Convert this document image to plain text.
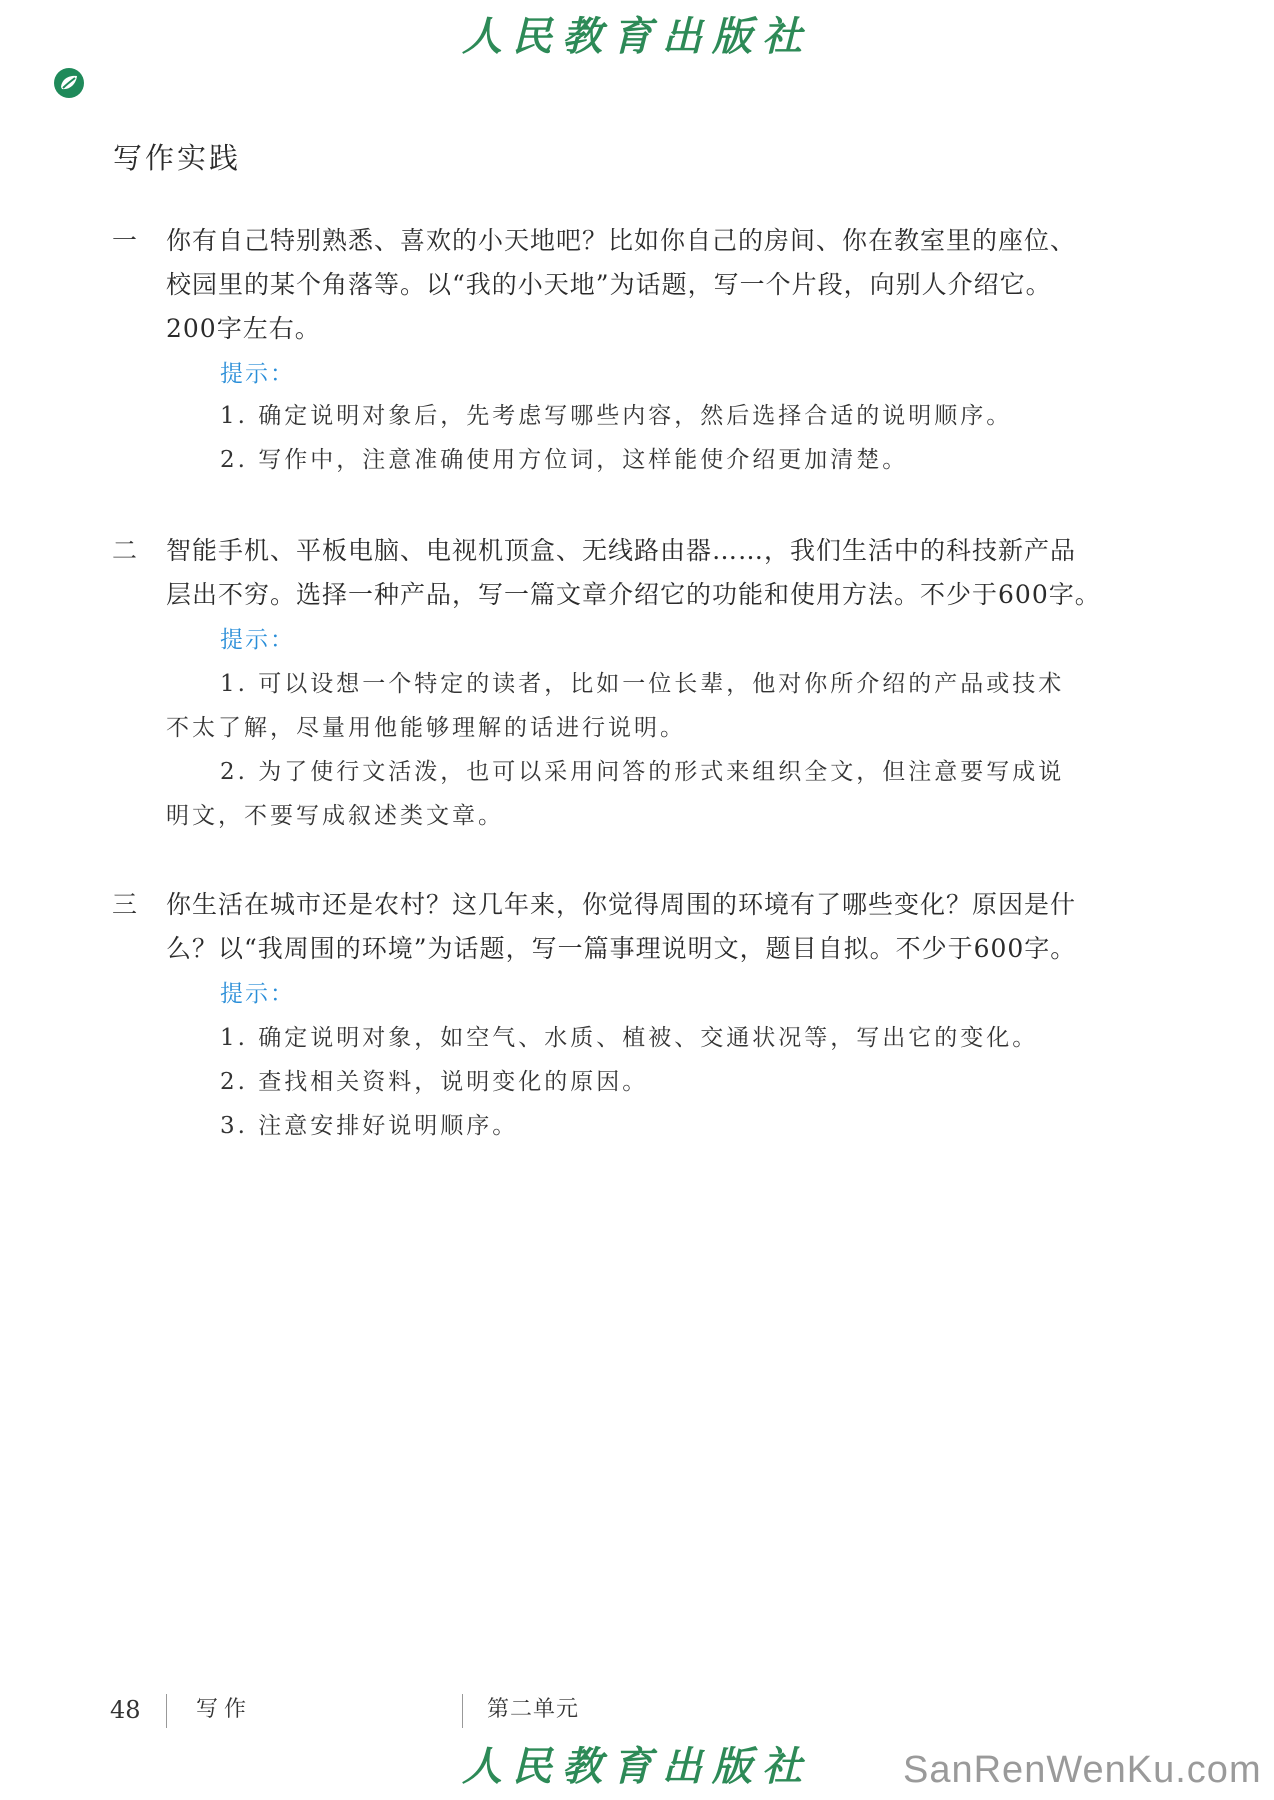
人民教育出版社
写作实践
一 你有自己特别熟悉、喜欢的小天地吧？比如你自己的房间、你在教室里的座位、
校园里的某个角落等。以“我的小天地”为话题，写一个片段，向别人介绍它。
200字左右。
提示：
1. 确定说明对象后，先考虑写哪些内容，然后选择合适的说明顺序。
2. 写作中，注意准确使用方位词，这样能使介绍更加清楚。
二 智能手机、平板电脑、电视机顶盒、无线路由器……，我们生活中的科技新产品
层出不穷。选择一种产品，写一篇文章介绍它的功能和使用方法。不少于600字。
提示：
1. 可以设想一个特定的读者，比如一位长辈，他对你所介绍的产品或技术
不太了解，尽量用他能够理解的话进行说明。
2. 为了使行文活泼，也可以采用问答的形式来组织全文，但注意要写成说
明文，不要写成叙述类文章。
三 你生活在城市还是农村？这几年来，你觉得周围的环境有了哪些变化？原因是什
么？以“我周围的环境”为话题，写一篇事理说明文，题目自拟。不少于600字。
提示：
1. 确定说明对象，如空气、水质、植被、交通状况等，写出它的变化。
2. 查找相关资料，说明变化的原因。
3. 注意安排好说明顺序。
48	写作	第二单元
人民教育出版社 SanRenWenKu.com
